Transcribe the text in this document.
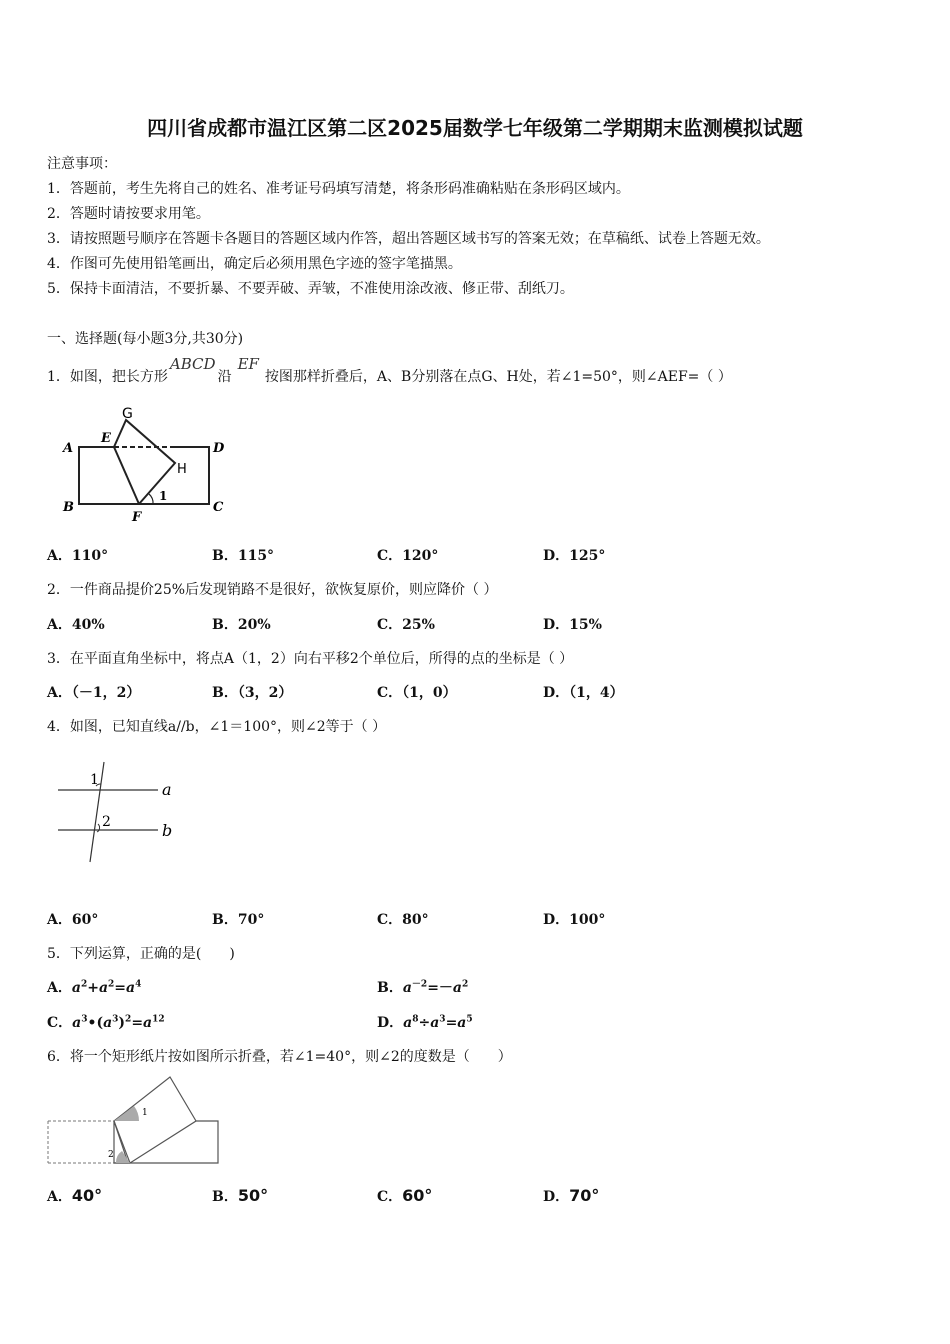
四川省成都市温江区第二区2025届数学七年级第二学期期末监测模拟试题
注意事项：
1．答题前，考生先将自己的姓名、准考证号码填写清楚，将条形码准确粘贴在条形码区域内。
2．答题时请按要求用笔。
3．请按照题号顺序在答题卡各题目的答题区域内作答，超出答题区域书写的答案无效；在草稿纸、试卷上答题无效。
4．作图可先使用铅笔画出，确定后必须用黑色字迹的签字笔描黑。
5．保持卡面清洁，不要折暴、不要弄破、弄皱，不准使用涂改液、修正带、刮纸刀。
一、选择题(每小题3分,共30分)
1．如图，把长方形ABCD沿EF按图那样折叠后，A、B分别落在点G、H处，若∠1=50°，则∠AEF=（ ）
G
A
E
D
H
B
F
C
1
A．110°	B．115°	C．120°	D．125°
2．一件商品提价25%后发现销路不是很好，欲恢复原价，则应降价（ ）
A．40%	B．20%	C．25%	D．15%
3．在平面直角坐标中，将点A（1，2）向右平移2个单位后，所得的点的坐标是（ ）
A．（－1，2）	B．（3，2）	C．（1，0）	D．（1，4）
4．如图，已知直线a//b，∠1＝100°，则∠2等于（ ）
1
2
a
b
A．60°	B．70°	C．80°	D．100°
5．下列运算，正确的是(　　)
A．$a^2+a^2=a^4$	B．$a^{-2}=-a^2$
C．$a^3•(a^3)^2=a^{12}$	D．$a^8\div a^3=a^5$
6．将一个矩形纸片按如图所示折叠，若∠1=40°，则∠2的度数是（　　）
1
2
A．40°	B．50°	C．60°	D．70°
